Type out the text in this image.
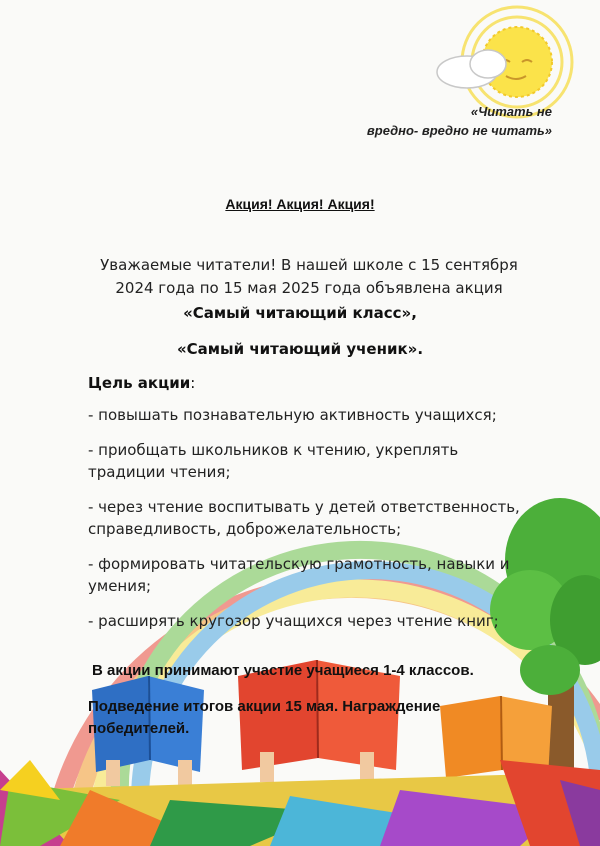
«Читать не
вредно- вредно не читать»
Акция! Акция! Акция!
Уважаемые читатели! В нашей школе с 15 сентября
2024 года по 15 мая 2025 года объявлена акция
«Самый читающий класс»,
«Самый читающий ученик».
Цель акции:
- повышать познавательную активность учащихся;
- приобщать школьников к чтению, укреплять
традиции чтения;
- через чтение воспитывать у детей ответственность,
справедливость, доброжелательность;
- формировать читательскую грамотность, навыки и
умения;
- расширять кругозор учащихся через чтение книг;
В акции принимают участие учащиеся 1-4 классов.
Подведение итогов акции 15 мая. Награждение
победителей.
